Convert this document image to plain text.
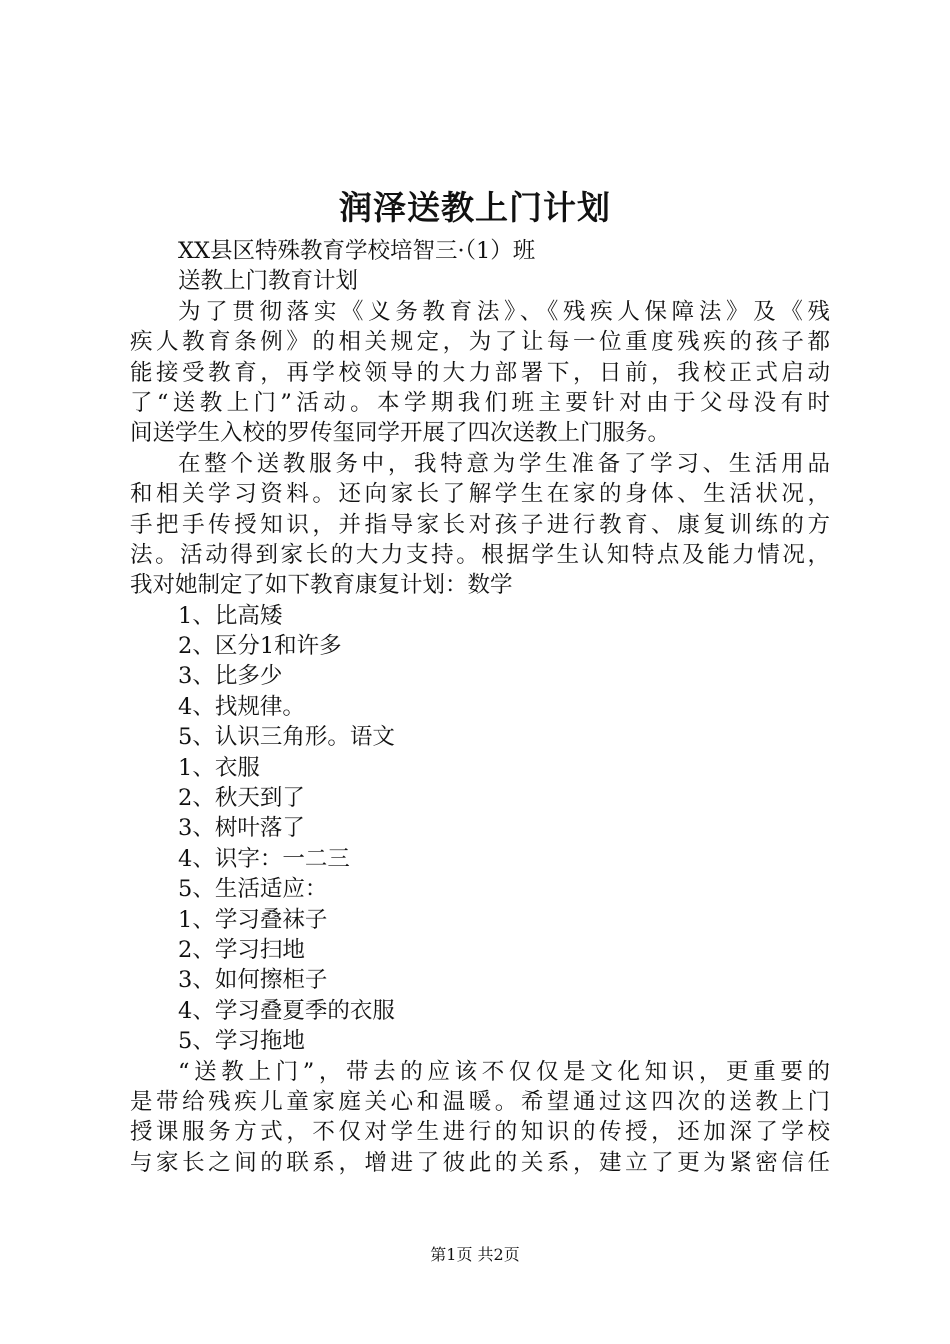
润泽送教上门计划
XX县区特殊教育学校培智三·（1）班
送教上门教育计划
为了贯彻落实《义务教育法》、《残疾人保障法》及《残
疾人教育条例》的相关规定，为了让每一位重度残疾的孩子都
能接受教育，再学校领导的大力部署下，日前，我校正式启动
了“送教上门”活动。本学期我们班主要针对由于父母没有时
间送学生入校的罗传玺同学开展了四次送教上门服务。
在整个送教服务中，我特意为学生准备了学习、生活用品
和相关学习资料。还向家长了解学生在家的身体、生活状况，
手把手传授知识，并指导家长对孩子进行教育、康复训练的方
法。活动得到家长的大力支持。根据学生认知特点及能力情况，
我对她制定了如下教育康复计划：数学
1、比高矮
2、区分1和许多
3、比多少
4、找规律。
5、认识三角形。语文
1、衣服
2、秋天到了
3、树叶落了
4、识字：一二三
5、生活适应：
1、学习叠袜子
2、学习扫地
3、如何擦柜子
4、学习叠夏季的衣服
5、学习拖地
“送教上门”，带去的应该不仅仅是文化知识，更重要的
是带给残疾儿童家庭关心和温暖。希望通过这四次的送教上门
授课服务方式，不仅对学生进行的知识的传授，还加深了学校
与家长之间的联系，增进了彼此的关系，建立了更为紧密信任
第1页 共2页
